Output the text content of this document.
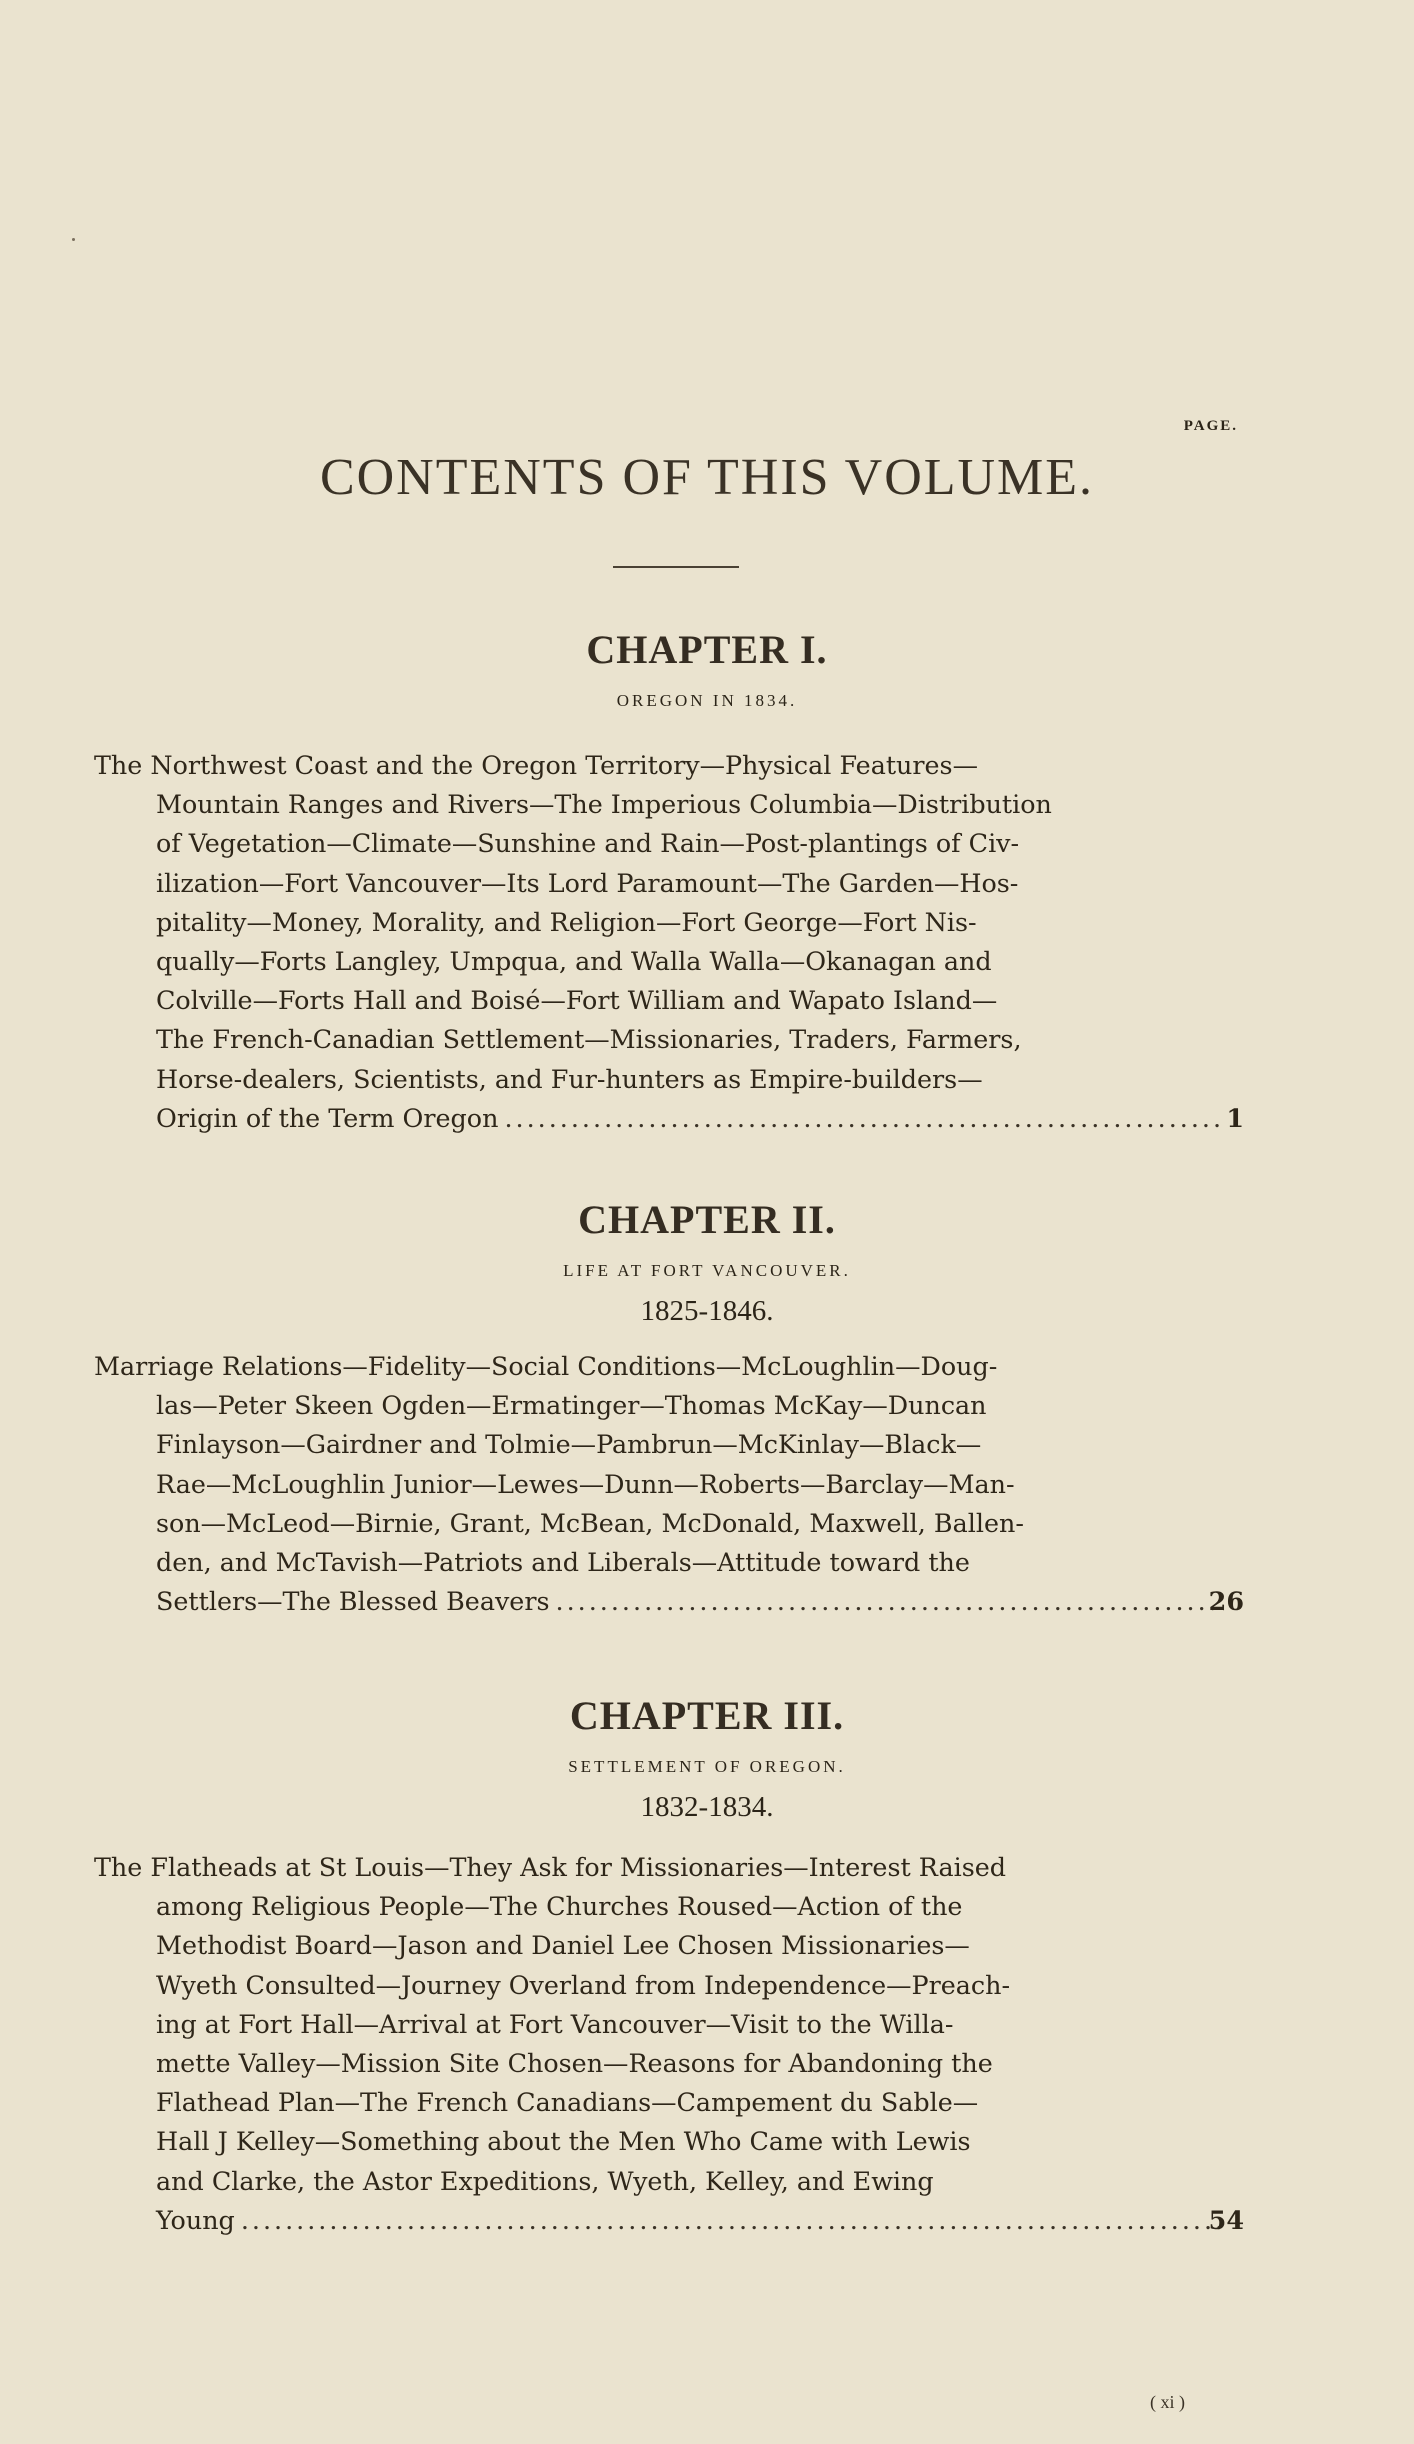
CONTENTS OF THIS VOLUME.
CHAPTER I.
OREGON IN 1834.
PAGE.
The Northwest Coast and the Oregon Territory—Physical Features—
Mountain Ranges and Rivers—The Imperious Columbia—Distribution
of Vegetation—Climate—Sunshine and Rain—Post-plantings of Civ-
ilization—Fort Vancouver—Its Lord Paramount—The Garden—Hos-
pitality—Money, Morality, and Religion—Fort George—Fort Nis-
qually—Forts Langley, Umpqua, and Walla Walla—Okanagan and
Colville—Forts Hall and Boisé—Fort William and Wapato Island—
The French-Canadian Settlement—Missionaries, Traders, Farmers,
Horse-dealers, Scientists, and Fur-hunters as Empire-builders—
Origin of the Term Oregon .....	1
CHAPTER II.
LIFE AT FORT VANCOUVER.
1825-1846.
Marriage Relations—Fidelity—Social Conditions—McLoughlin—Doug-
las—Peter Skeen Ogden—Ermatinger—Thomas McKay—Duncan
Finlayson—Gairdner and Tolmie—Pambrun—McKinlay—Black—
Rae—McLoughlin Junior—Lewes—Dunn—Roberts—Barclay—Man-
son—McLeod—Birnie, Grant, McBean, McDonald, Maxwell, Ballen-
den, and McTavish—Patriots and Liberals—Attitude toward the
Settlers—The Blessed Beavers .....	26
CHAPTER III.
SETTLEMENT OF OREGON.
1832-1834.
The Flatheads at St Louis—They Ask for Missionaries—Interest Raised
among Religious People—The Churches Roused—Action of the
Methodist Board—Jason and Daniel Lee Chosen Missionaries—
Wyeth Consulted—Journey Overland from Independence—Preach-
ing at Fort Hall—Arrival at Fort Vancouver—Visit to the Willa-
mette Valley—Mission Site Chosen—Reasons for Abandoning the
Flathead Plan—The French Canadians—Campement du Sable—
Hall J Kelley—Something about the Men Who Came with Lewis
and Clarke, the Astor Expeditions, Wyeth, Kelley, and Ewing
Young .....	54
( xi )
